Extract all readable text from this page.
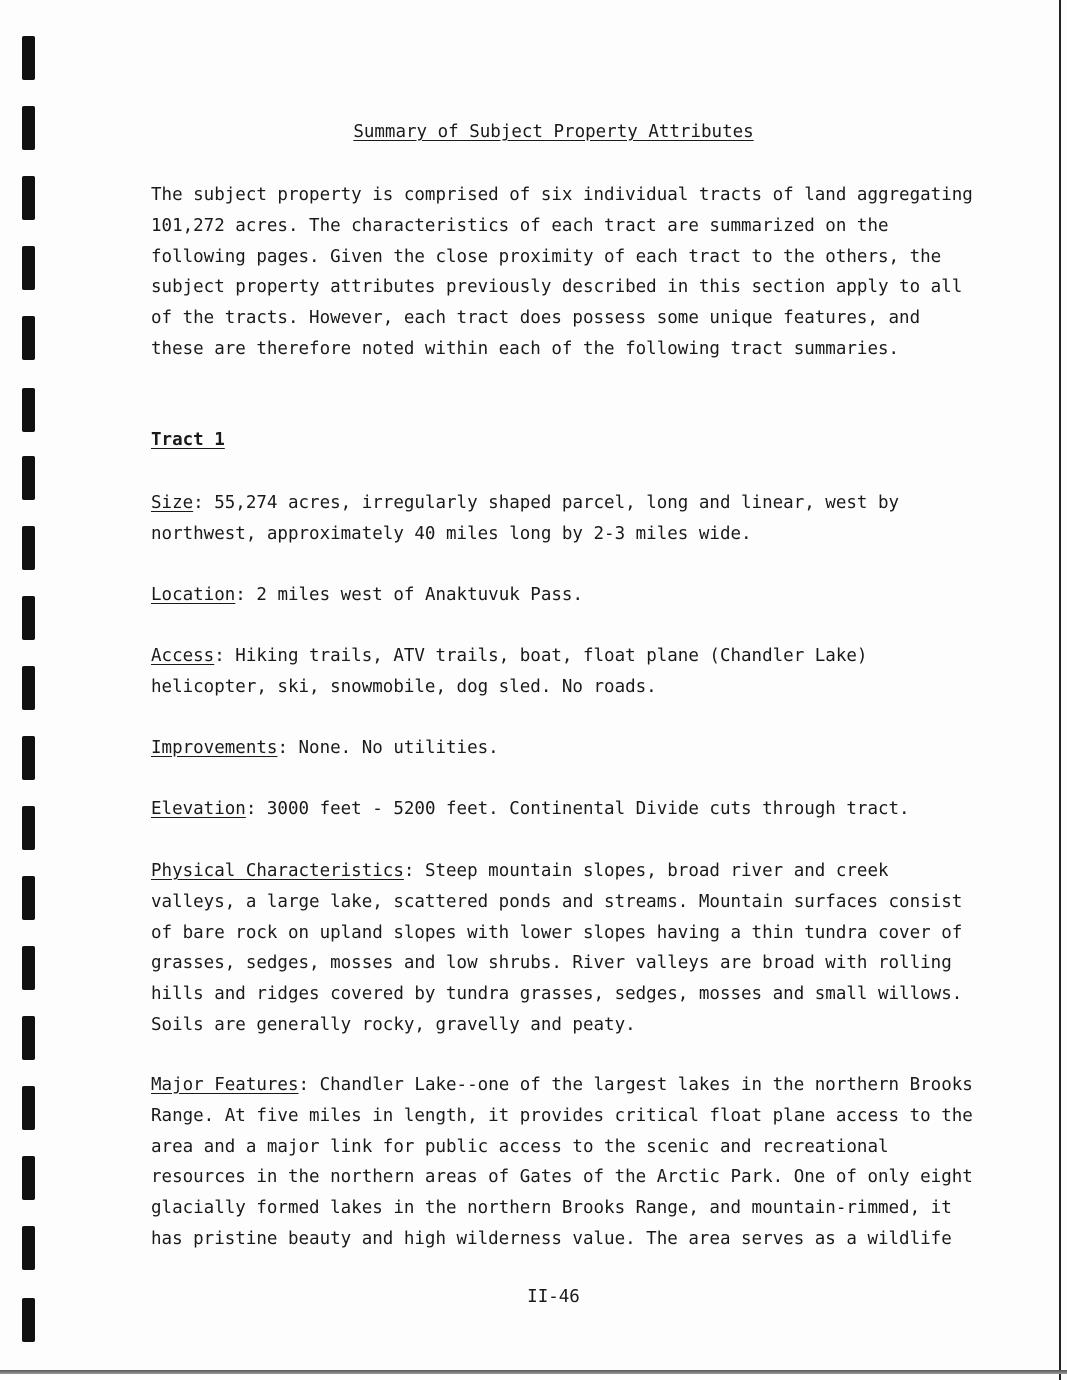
Summary of Subject Property Attributes

The subject property is comprised of six individual tracts of land aggregating
101,272 acres. The characteristics of each tract are summarized on the
following pages. Given the close proximity of each tract to the others, the
subject property attributes previously described in this section apply to all
of the tracts. However, each tract does possess some unique features, and
these are therefore noted within each of the following tract summaries.

Tract 1

Size: 55,274 acres, irregularly shaped parcel, long and linear, west by
northwest, approximately 40 miles long by 2-3 miles wide.

Location: 2 miles west of Anaktuvuk Pass.

Access: Hiking trails, ATV trails, boat, float plane (Chandler Lake)
helicopter, ski, snowmobile, dog sled. No roads.

Improvements: None. No utilities.

Elevation: 3000 feet - 5200 feet. Continental Divide cuts through tract.

Physical Characteristics: Steep mountain slopes, broad river and creek
valleys, a large lake, scattered ponds and streams. Mountain surfaces consist
of bare rock on upland slopes with lower slopes having a thin tundra cover of
grasses, sedges, mosses and low shrubs. River valleys are broad with rolling
hills and ridges covered by tundra grasses, sedges, mosses and small willows.
Soils are generally rocky, gravelly and peaty.

Major Features: Chandler Lake--one of the largest lakes in the northern Brooks
Range. At five miles in length, it provides critical float plane access to the
area and a major link for public access to the scenic and recreational
resources in the northern areas of Gates of the Arctic Park. One of only eight
glacially formed lakes in the northern Brooks Range, and mountain-rimmed, it
has pristine beauty and high wilderness value. The area serves as a wildlife

II-46
